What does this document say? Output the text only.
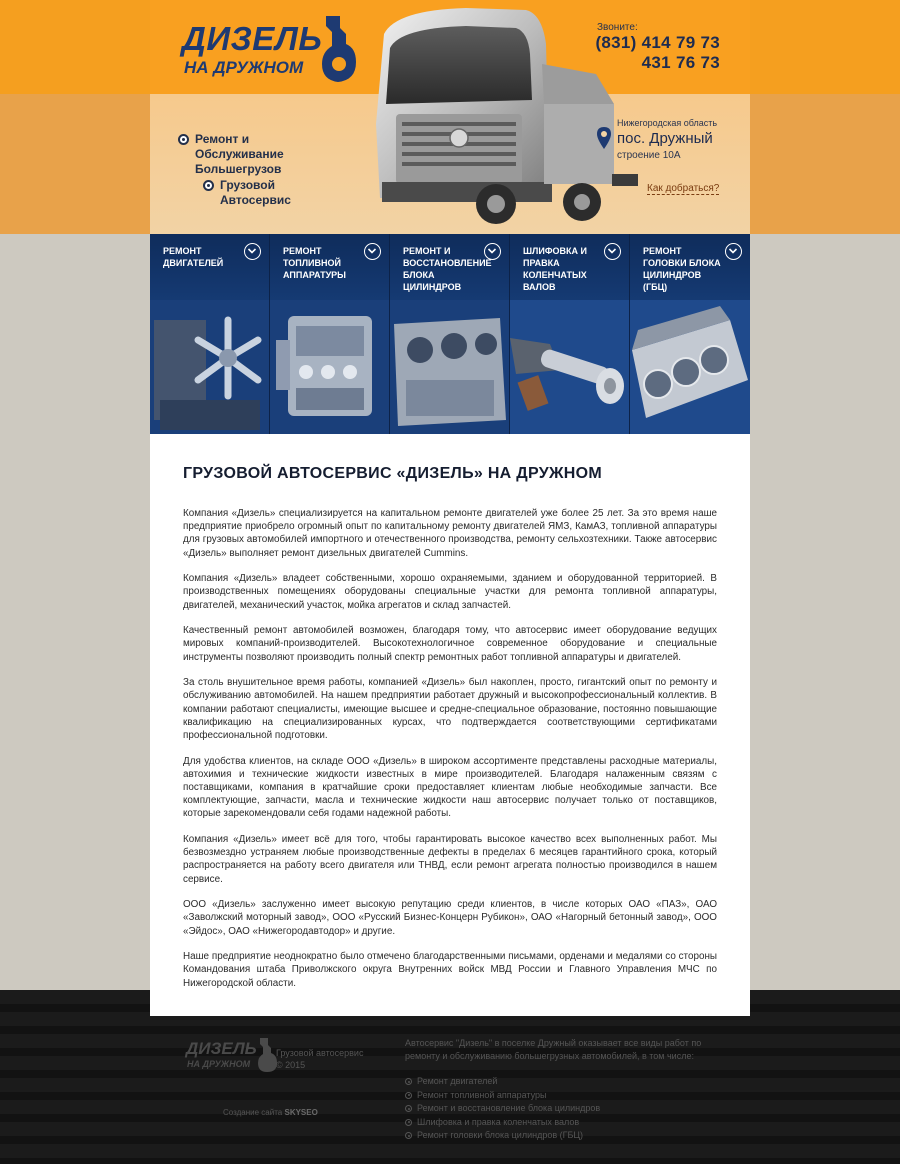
ДИЗЕЛЬ
НА ДРУЖНОМ
Ремонт и Обслуживание Большегрузов
Грузовой Автосервис
Звоните:
(831) 414 79 73
431 76 73
Нижегородская область
пос. Дружный
строение 10А
Как добраться?
РЕМОНТ ДВИГАТЕЛЕЙ
РЕМОНТ ТОПЛИВНОЙ АППАРАТУРЫ
РЕМОНТ И ВОССТАНОВЛЕНИЕ БЛОКА ЦИЛИНДРОВ
ШЛИФОВКА И ПРАВКА КОЛЕНЧАТЫХ ВАЛОВ
РЕМОНТ ГОЛОВКИ БЛОКА ЦИЛИНДРОВ (ГБЦ)
ГРУЗОВОЙ АВТОСЕРВИС «ДИЗЕЛЬ» НА ДРУЖНОМ

Компания «Дизель» специализируется на капитальном ремонте двигателей уже более 25 лет. За это время наше предприятие приобрело огромный опыт по капитальному ремонту двигателей ЯМЗ, КамАЗ, топливной аппаратуры для грузовых автомобилей импортного и отечественного производства, ремонту сельхозтехники. Также автосервис «Дизель» выполняет ремонт дизельных двигателей Cummins.

Компания «Дизель» владеет собственными, хорошо охраняемыми, зданием и оборудованной территорией. В производственных помещениях оборудованы специальные участки для ремонта топливной аппаратуры, двигателей, механический участок, мойка агрегатов и склад запчастей.

Качественный ремонт автомобилей возможен, благодаря тому, что автосервис имеет оборудование ведущих мировых компаний-производителей. Высокотехнологичное современное оборудование и специальные инструменты позволяют производить полный спектр ремонтных работ топливной аппаратуры и двигателей.

За столь внушительное время работы, компанией «Дизель» был накоплен, просто, гигантский опыт по ремонту и обслуживанию автомобилей. На нашем предприятии работает дружный и высокопрофессиональный коллектив. В компании работают специалисты, имеющие высшее и средне-специальное образование, постоянно повышающие квалификацию на специализированных курсах, что подтверждается соответствующими сертификатами профессиональной подготовки.

Для удобства клиентов, на складе ООО «Дизель» в широком ассортименте представлены расходные материалы, автохимия и технические жидкости известных в мире производителей. Благодаря налаженным связям с поставщиками, компания в кратчайшие сроки предоставляет клиентам любые необходимые запчасти. Все комплектующие, запчасти, масла и технические жидкости наш автосервис получает только от поставщиков, которые зарекомендовали себя годами надежной работы.

Компания «Дизель» имеет всё для того, чтобы гарантировать высокое качество всех выполненных работ. Мы безвозмездно устраняем любые производственные дефекты в пределах 6 месяцев гарантийного срока, который распространяется на работу всего двигателя или ТНВД, если ремонт агрегата полностью производился в нашем сервисе.

ООО «Дизель» заслуженно имеет высокую репутацию среди клиентов, в числе которых ОАО «ПАЗ», ОАО «Заволжский моторный завод», ООО «Русский Бизнес-Концерн Рубикон», ОАО «Нагорный бетонный завод», ООО «Эйдос», ОАО «Нижегородавтодор» и другие.

Наше предприятие неоднократно было отмечено благодарственными письмами, орденами и медалями со стороны Командования штаба Приволжского округа Внутренних войск МВД России и Главного Управления МЧС по Нижегородской области.

ДИЗЕЛЬ
НА ДРУЖНОМ
Грузовой автосервис
© 2015
Создание сайта SKYSEO
Автосервис "Дизель" в поселке Дружный оказывает все виды работ по ремонту и обслуживанию большегрузных автомобилей, в том числе:
Ремонт двигателей
Ремонт топливной аппаратуры
Ремонт и восстановление блока цилиндров
Шлифовка и правка коленчатых валов
Ремонт головки блока цилиндров (ГБЦ)
